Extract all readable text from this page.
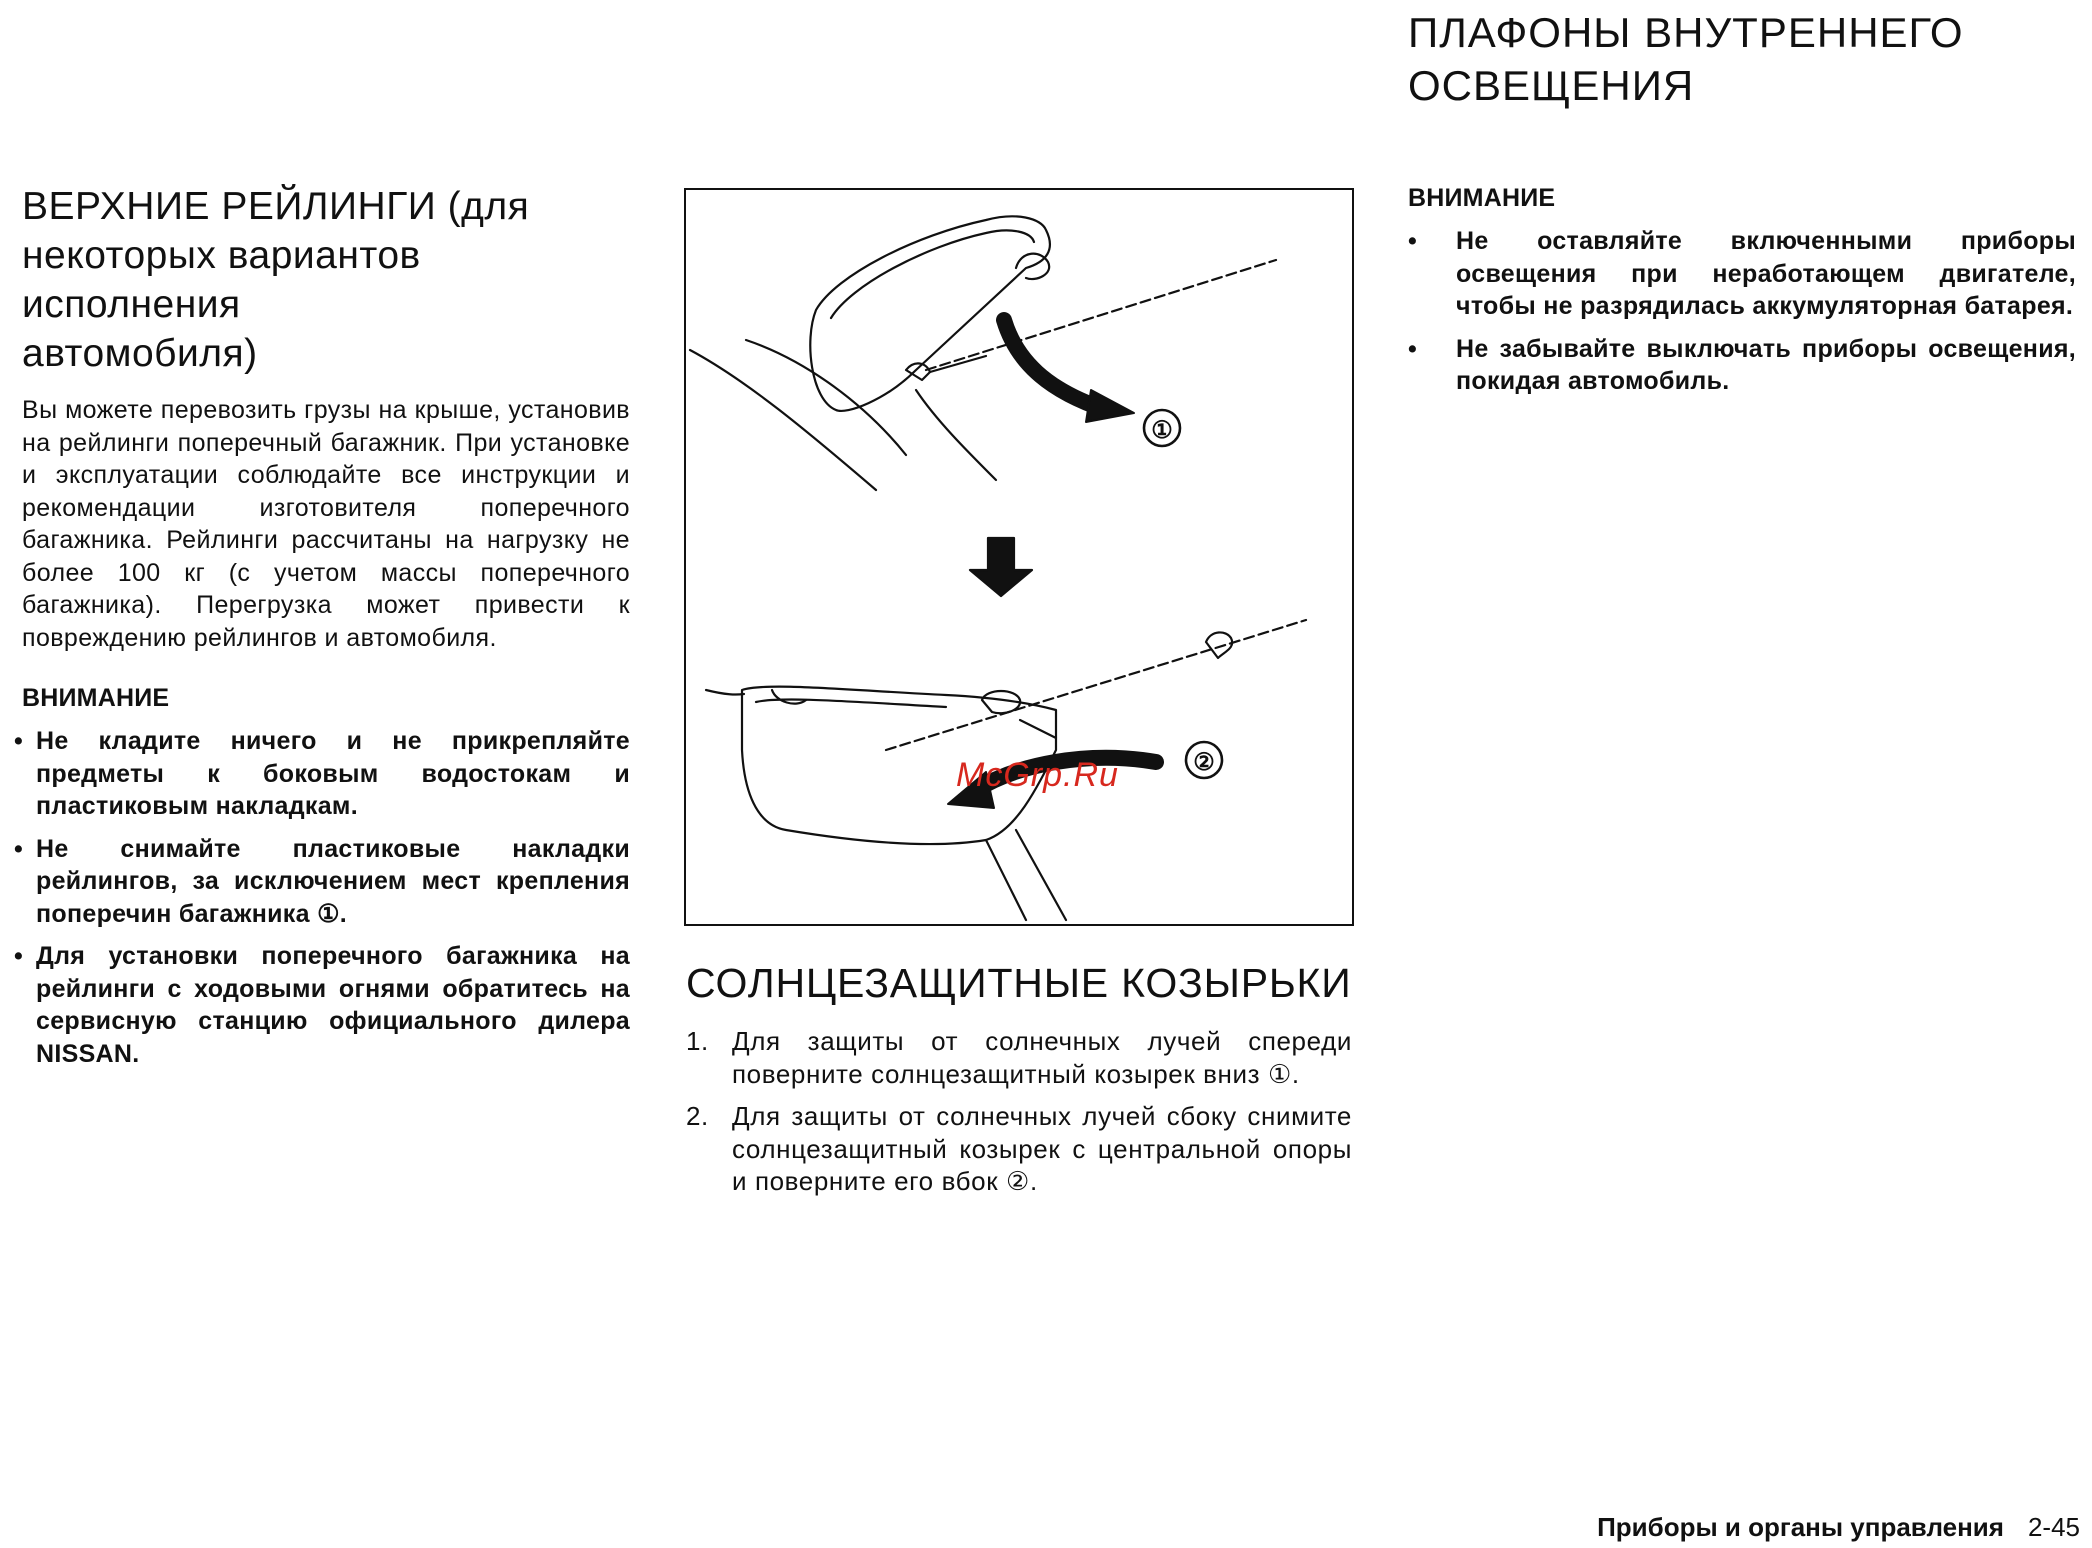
ВЕРХНИЕ РЕЙЛИНГИ (для
некоторых вариантов исполнения
автомобиля)

Вы можете перевозить грузы на крыше, установив на рейлинги поперечный багажник. При установке и эксплуатации соблюдайте все инструкции и рекомендации изготовителя поперечного багажника. Рейлинги рассчитаны на нагрузку не более 100 кг (с учетом массы поперечного багажника). Перегрузка может привести к повреждению рейлингов и автомобиля.

ВНИМАНИЕ
• Не кладите ничего и не прикрепляйте предметы к боковым водостокам и пластиковым накладкам.
• Не снимайте пластиковые накладки рейлингов, за исключением мест крепления поперечин багажника ①.
• Для установки поперечного багажника на рейлинги с ходовыми огнями обратитесь на сервисную станцию официального дилера NISSAN.
①
②
McGrp.Ru
СОЛНЦЕЗАЩИТНЫЕ КОЗЫРЬКИ
1. Для защиты от солнечных лучей спереди поверните солнцезащитный козырек вниз ①.
2. Для защиты от солнечных лучей сбоку снимите солнцезащитный козырек с центральной опоры и поверните его вбок ②.
ПЛАФОНЫ ВНУТРЕННЕГО
ОСВЕЩЕНИЯ
ВНИМАНИЕ
• Не оставляйте включенными приборы освещения при неработающем двигателе, чтобы не разрядилась аккумуляторная батарея.
• Не забывайте выключать приборы освещения, покидая автомобиль.
Приборы и органы управления 2-45
